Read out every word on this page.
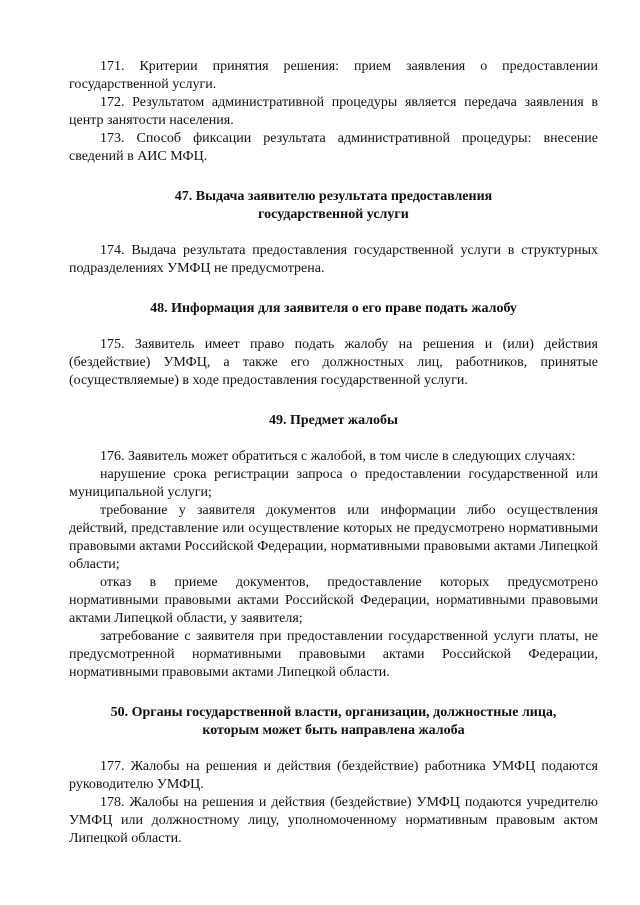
171. Критерии принятия решения: прием заявления о предоставлении государственной услуги.

172. Результатом административной процедуры является передача заявления в центр занятости населения.

173. Способ фиксации результата административной процедуры: внесение сведений в АИС МФЦ.

47. Выдача заявителю результата предоставления

государственной услуги

174. Выдача результата предоставления государственной услуги в структурных подразделениях УМФЦ не предусмотрена.

48. Информация для заявителя о его праве подать жалобу

175. Заявитель имеет право подать жалобу на решения и (или) действия (бездействие) УМФЦ, а также его должностных лиц, работников, принятые (осуществляемые) в ходе предоставления государственной услуги.

49. Предмет жалобы

176. Заявитель может обратиться с жалобой, в том числе в следующих случаях:

нарушение срока регистрации запроса о предоставлении государственной или муниципальной услуги;

требование у заявителя документов или информации либо осуществления действий, представление или осуществление которых не предусмотрено нормативными правовыми актами Российской Федерации, нормативными правовыми актами Липецкой области;

отказ в приеме документов, предоставление которых предусмотрено нормативными правовыми актами Российской Федерации, нормативными правовыми актами Липецкой области, у заявителя;

затребование с заявителя при предоставлении государственной услуги платы, не предусмотренной нормативными правовыми актами Российской Федерации, нормативными правовыми актами Липецкой области.

50. Органы государственной власти, организации, должностные лица,

которым может быть направлена жалоба

177. Жалобы на решения и действия (бездействие) работника УМФЦ подаются руководителю УМФЦ.

178. Жалобы на решения и действия (бездействие) УМФЦ подаются учредителю УМФЦ или должностному лицу, уполномоченному нормативным правовым актом Липецкой области.
